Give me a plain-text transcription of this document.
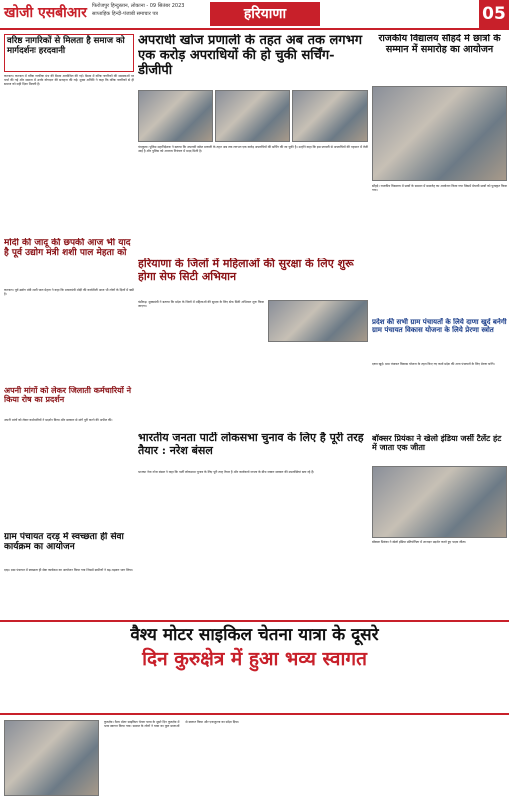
खोजी एसबीआर फिरोजपुर हिन्दुस्तान, लोकाना - 09 सितंबर 2023
साप्ताहिक हिन्दी-पंजाबी समाचार पत्र	हरियाणा	05
वरिष्ठ नागरिकों से मिलता है समाज को मार्गदर्शनः हरदवानी
करनाल। करनाल में वरिष्ठ नागरिक मंच की बैठक आयोजित की गई। बैठक में वरिष्ठ नागरिकों की समस्याओं पर चर्चा की गई और समाज में उनके योगदान की सराहना की गई। मुख्य अतिथि ने कहा कि वरिष्ठ नागरिकों से ही समाज को सही दिशा मिलती है।
अपराधी खोज प्रणाली के तहत अब तक लगभग एक करोड़ अपराधियों की हो चुकी सर्चिंग-डीजीपी
पंचकूला। पुलिस महानिदेशक ने बताया कि अपराधी खोज प्रणाली के तहत अब तक लगभग एक करोड़ अपराधियों की सर्चिंग की जा चुकी है। उन्होंने कहा कि इस प्रणाली से अपराधियों की पहचान में तेजी आई है और पुलिस को अपराध नियंत्रण में मदद मिली है।
राजकीय विद्यालय सौंहदे में छात्रों के सम्मान में समारोह का आयोजन
सौंहदे। राजकीय विद्यालय में छात्रों के सम्मान में समारोह का आयोजन किया गया जिसमें मेधावी छात्रों को पुरस्कृत किया गया।
मोदी की जादू की छपकी आज भी याद है पूर्व उद्योग मंत्री शशी पाल मेहता को
करनाल। पूर्व उद्योग मंत्री शशी पाल मेहता ने कहा कि प्रधानमंत्री मोदी की कार्यशैली आज भी लोगों के दिलों में बसी है।
हरियाणा के जिलों में महिलाओं की सुरक्षा के लिए शुरू होगा सेफ सिटी अभियान
चंडीगढ़। मुख्यमंत्री ने बताया कि प्रदेश के जिलों में महिलाओं की सुरक्षा के लिए सेफ सिटी अभियान शुरू किया जाएगा।
अपनी मांगों को लेकर जिलाती कर्मचारियों ने किया रोष का प्रदर्शन
अपनी मांगों को लेकर कर्मचारियों ने प्रदर्शन किया और सरकार से मांगें पूरी करने की अपील की।
प्रदेश की सभी ग्राम पंचायतों के लिये दाणा खुर्द बनेगी ग्राम पंचायत विकास योजना के लिये प्रेरणा स्त्रोत
दाणा खुर्द। ग्राम पंचायत विकास योजना के तहत किए गए कार्य प्रदेश की अन्य पंचायतों के लिए प्रेरणा बनेंगे।
भारतीय जनता पार्टी लोकसभा चुनाव के लिए है पूरी तरह तैयार : नरेश बंसल
भाजपा नेता नरेश बंसल ने कहा कि पार्टी लोकसभा चुनाव के लिए पूरी तरह तैयार है और कार्यकर्ता जनता के बीच जाकर सरकार की उपलब्धियां बता रहे हैं।
बॉक्सर प्रियंका ने खेलो इंडिया जर्सी टैलेंट हंट में जाता एक जीता
बॉक्सर प्रियंका ने खेलो इंडिया प्रतियोगिता में शानदार प्रदर्शन करते हुए पदक जीता।
ग्राम पंचायत दरड़ में स्वच्छता ही सेवा कार्यक्रम का आयोजन
दरड़। ग्राम पंचायत में स्वच्छता ही सेवा कार्यक्रम का आयोजन किया गया जिसमें ग्रामीणों ने बढ़-चढ़कर भाग लिया।
वैश्य मोटर साइकिल चेतना यात्रा के दूसरे
दिन कुरुक्षेत्र में हुआ भव्य स्वागत
कुरुक्षेत्र। वैश्य मोटर साइकिल चेतना यात्रा के दूसरे दिन कुरुक्षेत्र में भव्य स्वागत किया गया। समाज के लोगों ने यात्रा का फूल मालाओं से स्वागत किया और एकजुटता का संदेश दिया।
